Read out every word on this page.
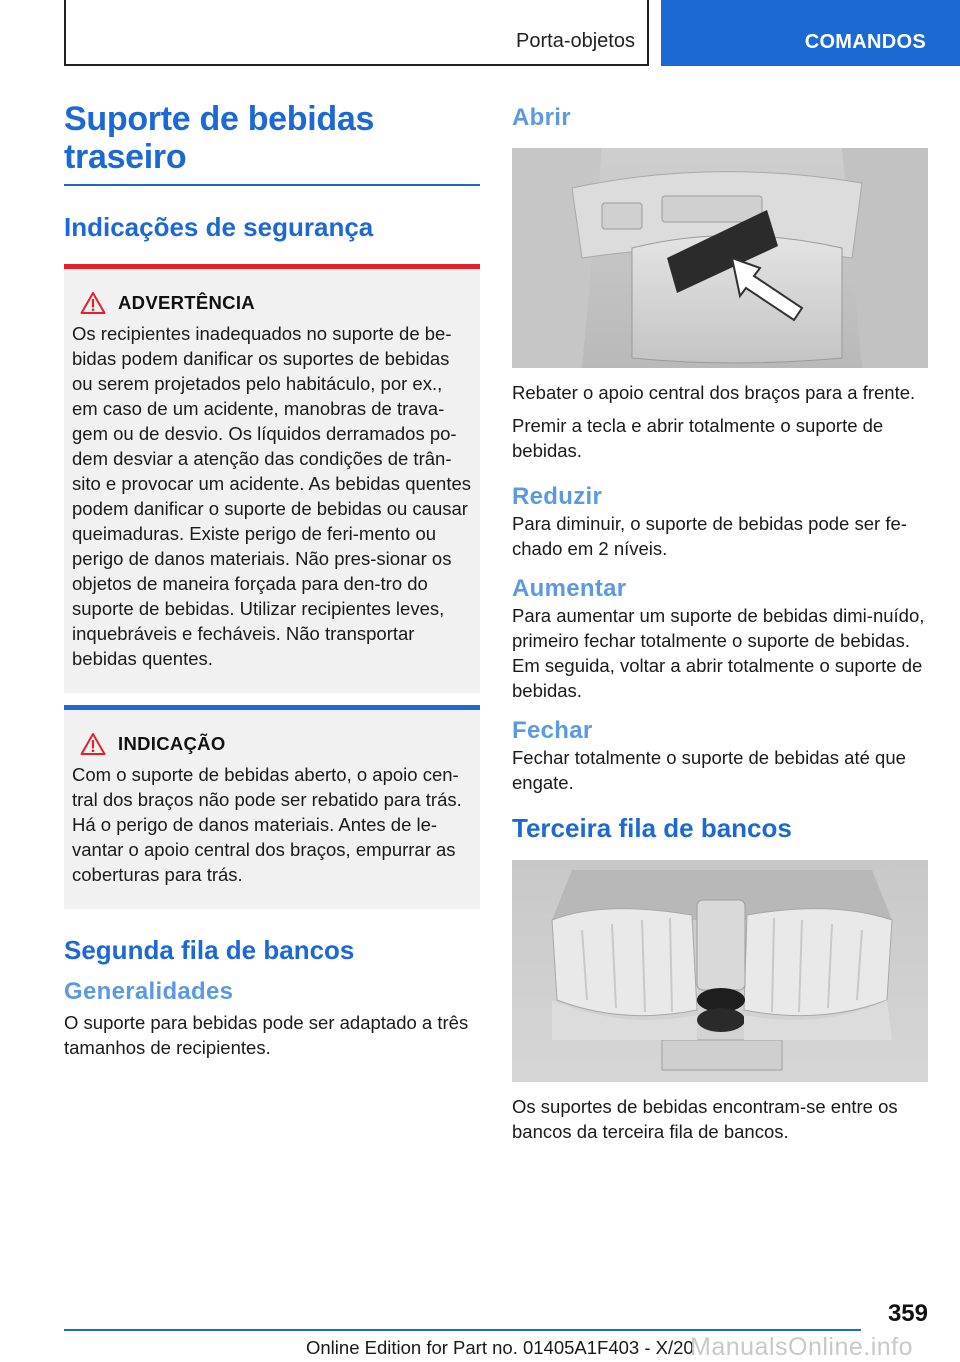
Porta-objetos	COMANDOS
Suporte de bebidas traseiro
Indicações de segurança
ADVERTÊNCIA

Os recipientes inadequados no suporte de be-bidas podem danificar os suportes de bebidas ou serem projetados pelo habitáculo, por ex., em caso de um acidente, manobras de trava-gem ou de desvio. Os líquidos derramados po-dem desviar a atenção das condições de trân-sito e provocar um acidente. As bebidas quentes podem danificar o suporte de bebidas ou causar queimaduras. Existe perigo de feri-mento ou perigo de danos materiais. Não pres-sionar os objetos de maneira forçada para den-tro do suporte de bebidas. Utilizar recipientes leves, inquebráveis e fecháveis. Não transportar bebidas quentes.

INDICAÇÃO

Com o suporte de bebidas aberto, o apoio cen-tral dos braços não pode ser rebatido para trás. Há o perigo de danos materiais. Antes de le-vantar o apoio central dos braços, empurrar as coberturas para trás.

Segunda fila de bancos
Generalidades

O suporte para bebidas pode ser adaptado a três tamanhos de recipientes.

Abrir

Rebater o apoio central dos braços para a frente.

Premir a tecla e abrir totalmente o suporte de bebidas.

Reduzir

Para diminuir, o suporte de bebidas pode ser fe-chado em 2 níveis.

Aumentar

Para aumentar um suporte de bebidas dimi-nuído, primeiro fechar totalmente o suporte de bebidas. Em seguida, voltar a abrir totalmente o suporte de bebidas.

Fechar

Fechar totalmente o suporte de bebidas até que engate.

Terceira fila de bancos

Os suportes de bebidas encontram-se entre os bancos da terceira fila de bancos.

359
Online Edition for Part no. 01405A1F403 - X/20
ManualsOnline.info
